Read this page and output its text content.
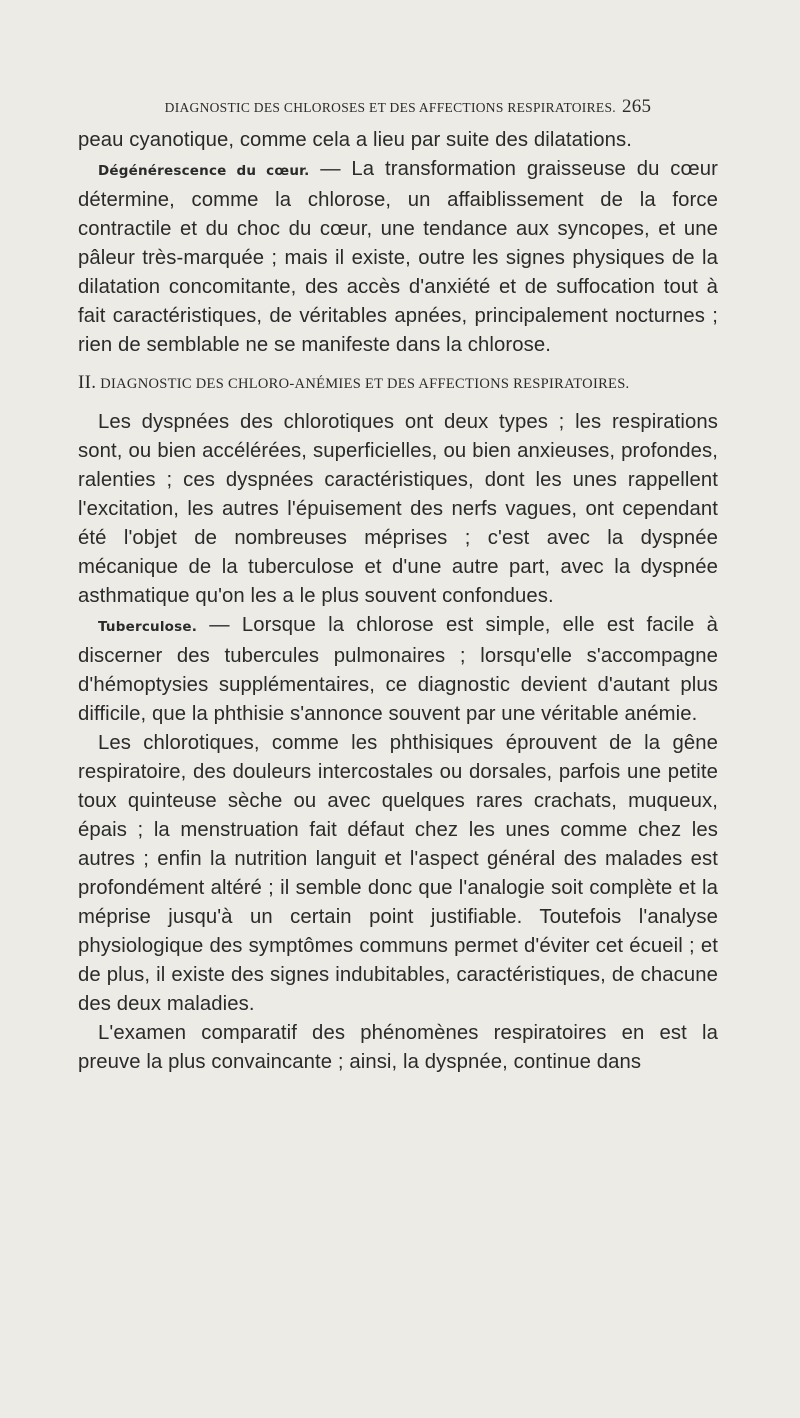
DIAGNOSTIC DES CHLOROSES ET DES AFFECTIONS RESPIRATOIRES. 265

peau cyanotique, comme cela a lieu par suite des dilatations.

Dégénérescence du cœur. — La transformation graisseuse du cœur détermine, comme la chlorose, un affaiblissement de la force contractile et du choc du cœur, une tendance aux syncopes, et une pâleur très-marquée ; mais il existe, outre les signes physiques de la dilatation concomitante, des accès d'anxiété et de suffocation tout à fait caractéristiques, de véritables apnées, principalement nocturnes ; rien de semblable ne se manifeste dans la chlorose.

II. DIAGNOSTIC DES CHLORO-ANÉMIES ET DES AFFECTIONS RESPIRATOIRES.

Les dyspnées des chlorotiques ont deux types ; les respirations sont, ou bien accélérées, superficielles, ou bien anxieuses, profondes, ralenties ; ces dyspnées caractéristiques, dont les unes rappellent l'excitation, les autres l'épuisement des nerfs vagues, ont cependant été l'objet de nombreuses méprises ; c'est avec la dyspnée mécanique de la tuberculose et d'une autre part, avec la dyspnée asthmatique qu'on les a le plus souvent confondues.

Tuberculose. — Lorsque la chlorose est simple, elle est facile à discerner des tubercules pulmonaires ; lorsqu'elle s'accompagne d'hémoptysies supplémentaires, ce diagnostic devient d'autant plus difficile, que la phthisie s'annonce souvent par une véritable anémie.

Les chlorotiques, comme les phthisiques éprouvent de la gêne respiratoire, des douleurs intercostales ou dorsales, parfois une petite toux quinteuse sèche ou avec quelques rares crachats, muqueux, épais ; la menstruation fait défaut chez les unes comme chez les autres ; enfin la nutrition languit et l'aspect général des malades est profondément altéré ; il semble donc que l'analogie soit complète et la méprise jusqu'à un certain point justifiable. Toutefois l'analyse physiologique des symptômes communs permet d'éviter cet écueil ; et de plus, il existe des signes indubitables, caractéristiques, de chacune des deux maladies.

L'examen comparatif des phénomènes respiratoires en est la preuve la plus convaincante ; ainsi, la dyspnée, continue dans
